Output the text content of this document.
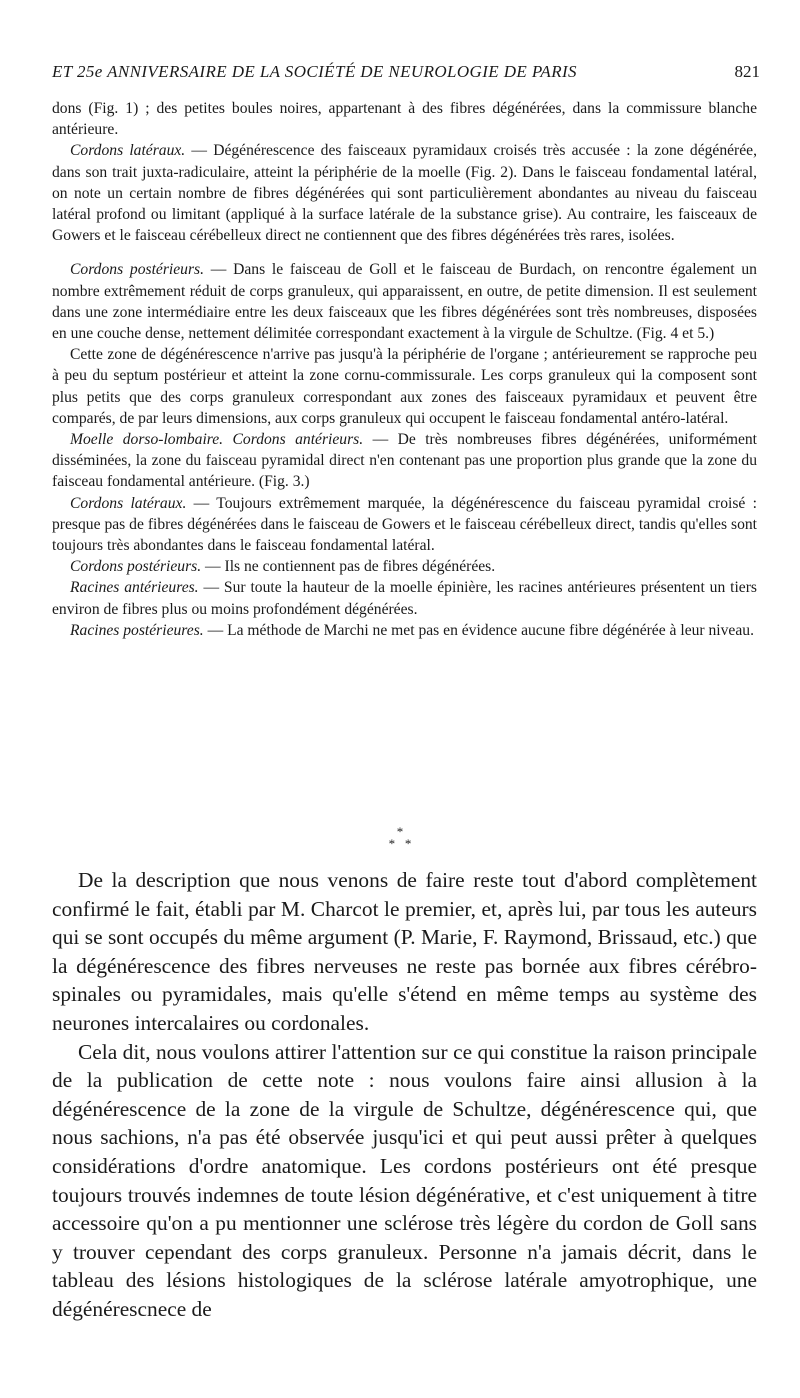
ET 25e ANNIVERSAIRE DE LA SOCIÉTÉ DE NEUROLOGIE DE PARIS	821

dons (Fig. 1) ; des petites boules noires, appartenant à des fibres dégénérées, dans la commissure blanche antérieure.

Cordons latéraux. — Dégénérescence des faisceaux pyramidaux croisés très accusée : la zone dégénérée, dans son trait juxta-radiculaire, atteint la périphérie de la moelle (Fig. 2). Dans le faisceau fondamental latéral, on note un certain nombre de fibres dégénérées qui sont particulièrement abondantes au niveau du faisceau latéral profond ou limitant (appliqué à la surface latérale de la substance grise). Au contraire, les faisceaux de Gowers et le faisceau cérébelleux direct ne contiennent que des fibres dégénérées très rares, isolées.

Cordons postérieurs. — Dans le faisceau de Goll et le faisceau de Burdach, on rencontre également un nombre extrêmement réduit de corps granuleux, qui apparaissent, en outre, de petite dimension. Il est seulement dans une zone intermédiaire entre les deux faisceaux que les fibres dégénérées sont très nombreuses, disposées en une couche dense, nettement délimitée correspondant exactement à la virgule de Schultze. (Fig. 4 et 5.)

Cette zone de dégénérescence n'arrive pas jusqu'à la périphérie de l'organe ; antérieurement se rapproche peu à peu du septum postérieur et atteint la zone cornu-commissurale. Les corps granuleux qui la composent sont plus petits que des corps granuleux correspondant aux zones des faisceaux pyramidaux et peuvent être comparés, de par leurs dimensions, aux corps granuleux qui occupent le faisceau fondamental antéro-latéral.

Moelle dorso-lombaire. Cordons antérieurs. — De très nombreuses fibres dégénérées, uniformément disséminées, la zone du faisceau pyramidal direct n'en contenant pas une proportion plus grande que la zone du faisceau fondamental antérieure. (Fig. 3.)

Cordons latéraux. — Toujours extrêmement marquée, la dégénérescence du faisceau pyramidal croisé : presque pas de fibres dégénérées dans le faisceau de Gowers et le faisceau cérébelleux direct, tandis qu'elles sont toujours très abondantes dans le faisceau fondamental latéral.

Cordons postérieurs. — Ils ne contiennent pas de fibres dégénérées.

Racines antérieures. — Sur toute la hauteur de la moelle épinière, les racines antérieures présentent un tiers environ de fibres plus ou moins profondément dégénérées.

Racines postérieures. — La méthode de Marchi ne met pas en évidence aucune fibre dégénérée à leur niveau.

*
*   *

De la description que nous venons de faire reste tout d'abord complètement confirmé le fait, établi par M. Charcot le premier, et, après lui, par tous les auteurs qui se sont occupés du même argument (P. Marie, F. Raymond, Brissaud, etc.) que la dégénérescence des fibres nerveuses ne reste pas bornée aux fibres cérébro-spinales ou pyramidales, mais qu'elle s'étend en même temps au système des neurones intercalaires ou cordonales.

Cela dit, nous voulons attirer l'attention sur ce qui constitue la raison principale de la publication de cette note : nous voulons faire ainsi allusion à la dégénérescence de la zone de la virgule de Schultze, dégénérescence qui, que nous sachions, n'a pas été observée jusqu'ici et qui peut aussi prêter à quelques considérations d'ordre anatomique. Les cordons postérieurs ont été presque toujours trouvés indemnes de toute lésion dégénérative, et c'est uniquement à titre accessoire qu'on a pu mentionner une sclérose très légère du cordon de Goll sans y trouver cependant des corps granuleux. Personne n'a jamais décrit, dans le tableau des lésions histologiques de la sclérose latérale amyotrophique, une dégénérescnece de
